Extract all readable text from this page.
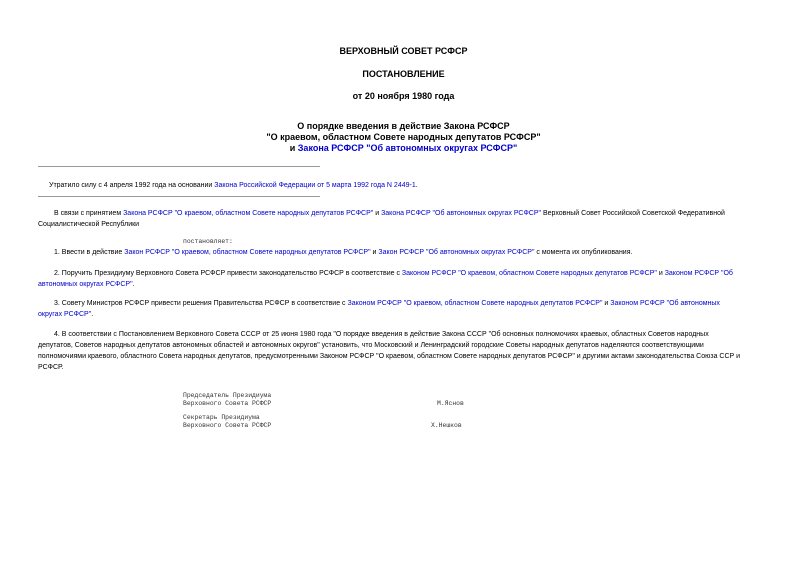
ВЕРХОВНЫЙ СОВЕТ РСФСР
ПОСТАНОВЛЕНИЕ
от 20 ноября 1980 года
О порядке введения в действие Закона РСФСР
"О краевом, областном Совете народных депутатов РСФСР"
и Закона РСФСР "Об автономных округах РСФСР"
Утратило силу с 4 апреля 1992 года на основании Закона Российской Федерации от 5 марта 1992 года N 2449-1.
В связи с принятием Закона РСФСР "О краевом, областном Совете народных депутатов РСФСР" и Закона РСФСР "Об автономных округах РСФСР" Верховный Совет Российской Советской Федеративной
Социалистической Республики
постановляет:
1. Ввести в действие Закон РСФСР "О краевом, областном Совете народных депутатов РСФСР" и Закон РСФСР "Об автономных округах РСФСР" с момента их опубликования.
2. Поручить Президиуму Верховного Совета РСФСР привести законодательство РСФСР в соответствие с Законом РСФСР "О краевом, областном Совете народных депутатов РСФСР" и Законом РСФСР "Об
автономных округах РСФСР".
3. Совету Министров РСФСР привести решения Правительства РСФСР в соответствие с Законом РСФСР "О краевом, областном Совете народных депутатов РСФСР" и Законом РСФСР "Об автономных
округах РСФСР".
4. В соответствии с Постановлением Верховного Совета СССР от 25 июня 1980 года "О порядке введения в действие Закона СССР "Об основных полномочиях краевых, областных Советов народных
депутатов, Советов народных депутатов автономных областей и автономных округов" установить, что Московский и Ленинградский городские Советы народных депутатов наделяются соответствующими
полномочиями краевого, областного Совета народных депутатов, предусмотренными Законом РСФСР "О краевом, областном Совете народных депутатов РСФСР" и другими актами законодательства Союза ССР и
РСФСР.
Председатель Президиума
Верховного Совета РСФСР	М.Яснов
Секретарь Президиума
Верховного Совета РСФСР	Х.Нешков
